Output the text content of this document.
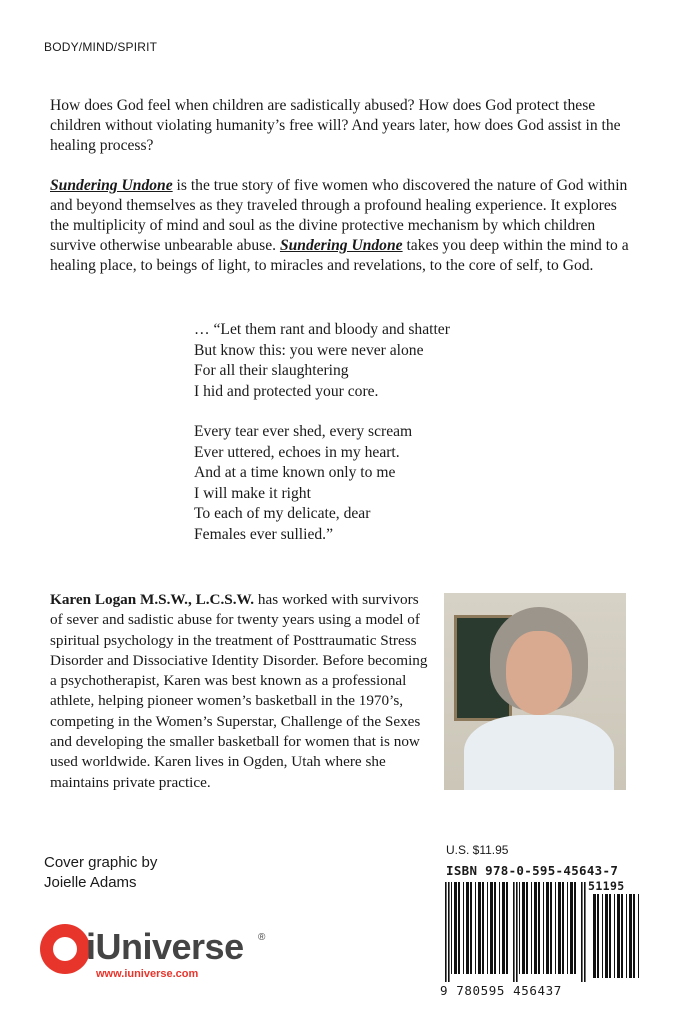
BODY/MIND/SPIRIT

How does God feel when children are sadistically abused? How does God protect these children without violating humanity’s free will? And years later, how does God assist in the healing process?

Sundering Undone is the true story of five women who discovered the nature of God within and beyond themselves as they traveled through a profound healing experience. It explores the multiplicity of mind and soul as the divine protective mechanism by which children survive otherwise unbearable abuse. Sundering Undone takes you deep within the mind to a healing place, to beings of light, to miracles and revelations, to the core of self, to God.

… “Let them rant and bloody and shatter
But know this: you were never alone
For all their slaughtering
I hid and protected your core.
Every tear ever shed, every scream
Ever uttered, echoes in my heart.
And at a time known only to me
I will make it right
To each of my delicate, dear
Females ever sullied.”

Karen Logan M.S.W., L.C.S.W. has worked with survivors of sever and sadistic abuse for twenty years using a model of spiritual psychology in the treatment of Posttraumatic Stress Disorder and Dissociative Identity Disorder. Before becoming a psychotherapist, Karen was best known as a professional athlete, helping pioneer women’s basketball in the 1970’s, competing in the Women’s Superstar, Challenge of the Sexes and developing the smaller basketball for women that is now used worldwide. Karen lives in Ogden, Utah where she maintains private practice.

Cover graphic by
Joielle Adams
iUniverse ®
www.iuniverse.com
U.S. $11.95
ISBN 978-0-595-45643-7
51195
9 780595 456437
